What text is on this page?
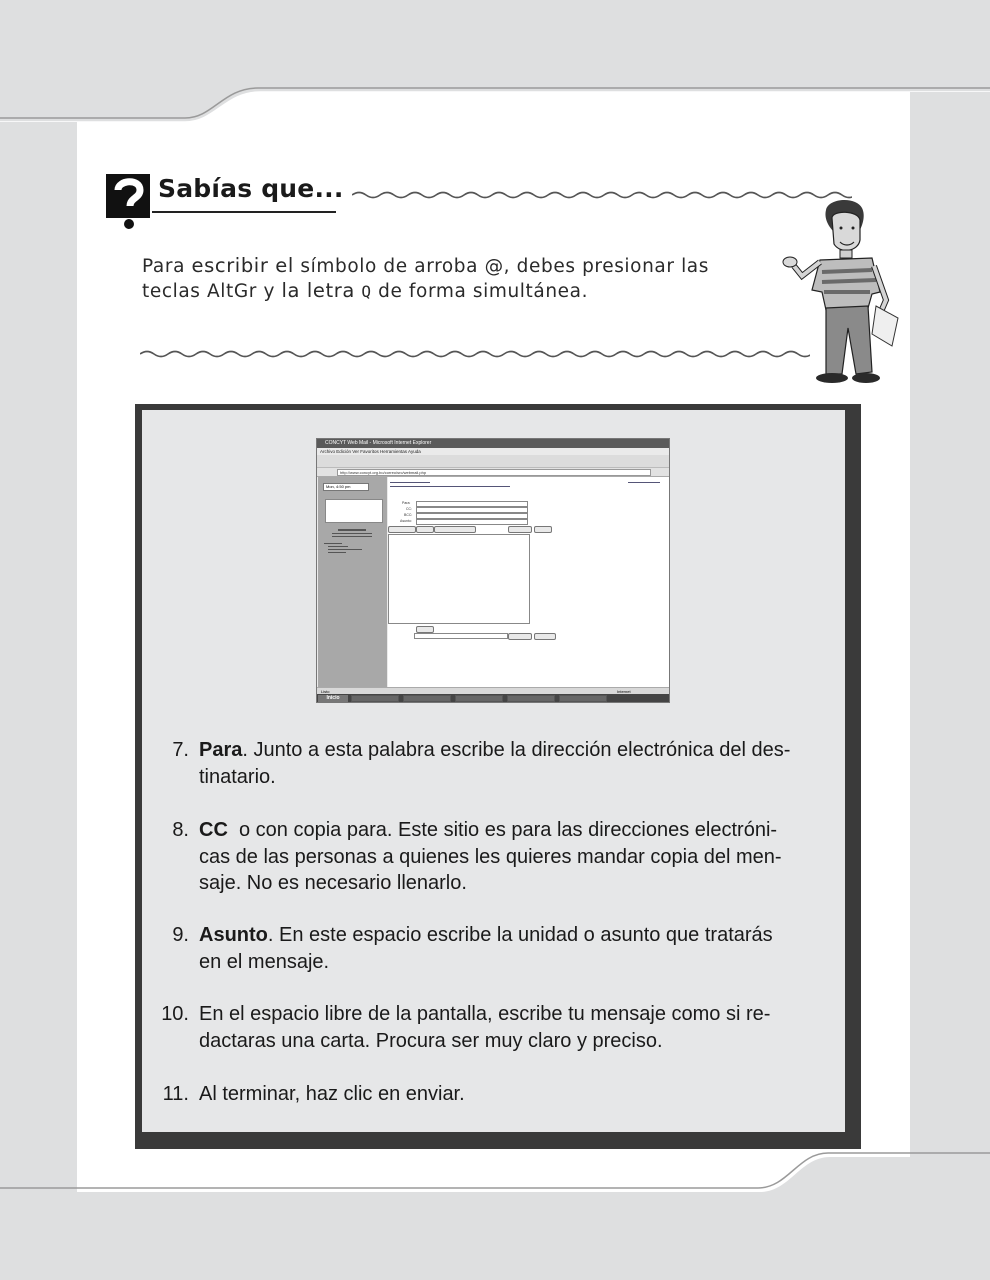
Sabías que...
Para escribir el símbolo de arroba @, debes presionar las teclas AltGr y la letra Q de forma simultánea.
CONCYT Web Mail - Microsoft Internet Explorer
Archivo Edición Ver Favoritos Herramientas Ayuda
http://www.concyt.org.bo/correo/src/webmail.php
Mon, 4:50 pm
Para:
CC:
BCC:
Asunto:
Listo	Internet
Inicio
7. Para. Junto a esta palabra escribe la dirección electrónica del des-
tinatario.
8. CC  o con copia para. Este sitio es para las direcciones electróni-
cas de las personas a quienes les quieres mandar copia del men-
saje. No es necesario llenarlo.
9. Asunto. En este espacio escribe la unidad o asunto que tratarás
en el mensaje.
10. En el espacio libre de la pantalla, escribe tu mensaje como si re-
dactaras una carta. Procura ser muy claro y preciso.
11. Al terminar, haz clic en enviar.
